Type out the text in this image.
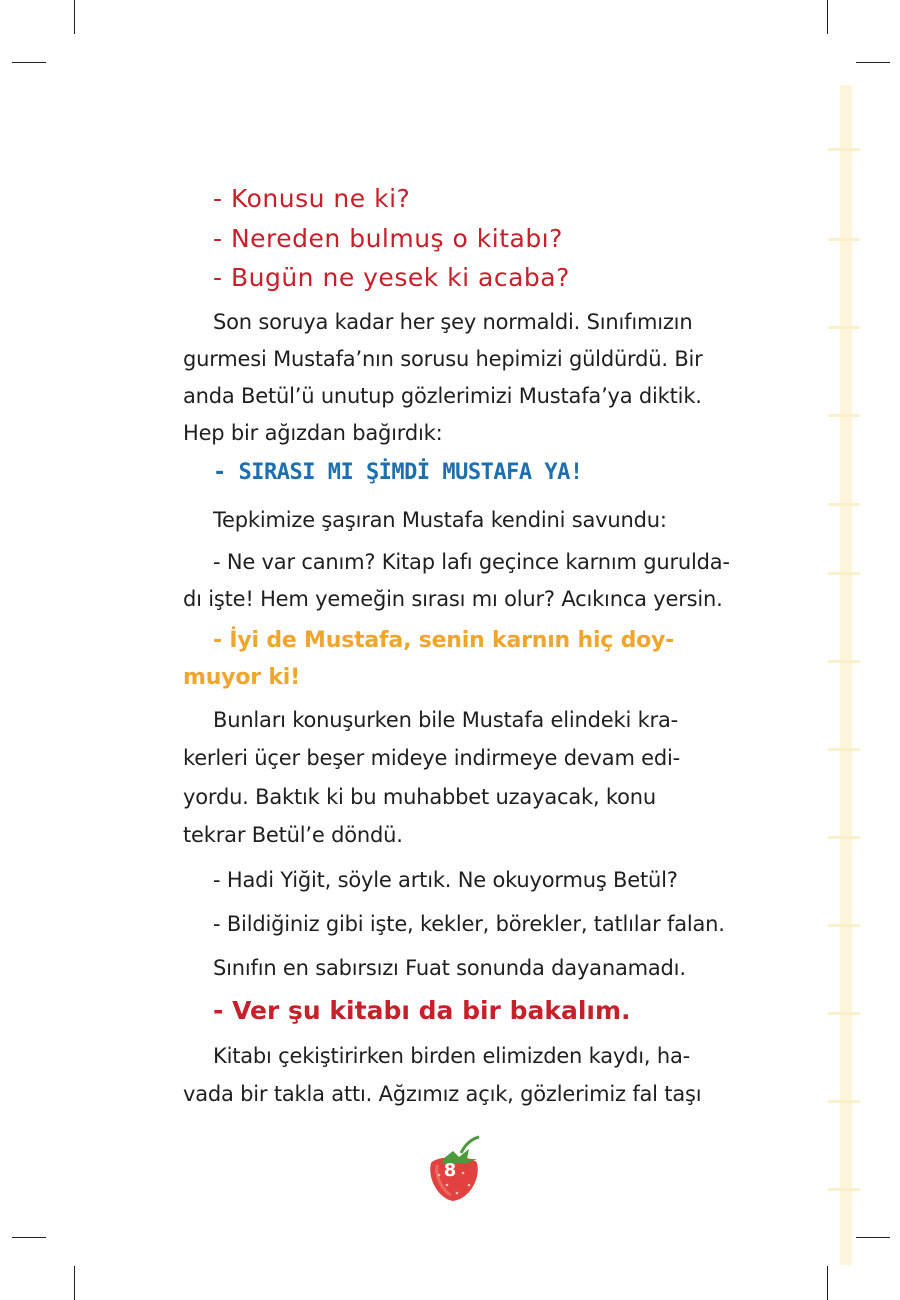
- Konusu ne ki?
- Nereden bulmuş o kitabı?
- Bugün ne yesek ki acaba?
Son soruya kadar her şey normaldi. Sınıfımızın
gurmesi Mustafa’nın sorusu hepimizi güldürdü. Bir
anda Betül’ü unutup gözlerimizi Mustafa’ya diktik.
Hep bir ağızdan bağırdık:
- SIRASI MI ŞİMDİ MUSTAFA YA!
Tepkimize şaşıran Mustafa kendini savundu:
- Ne var canım? Kitap lafı geçince karnım gurulda-
dı işte! Hem yemeğin sırası mı olur? Acıkınca yersin.
- İyi de Mustafa, senin karnın hiç doy-
muyor ki!
Bunları konuşurken bile Mustafa elindeki kra-
kerleri üçer beşer mideye indirmeye devam edi-
yordu. Baktık ki bu muhabbet uzayacak, konu
tekrar Betül’e döndü.
- Hadi Yiğit, söyle artık. Ne okuyormuş Betül?
- Bildiğiniz gibi işte, kekler, börekler, tatlılar falan.
Sınıfın en sabırsızı Fuat sonunda dayanamadı.
- Ver şu kitabı da bir bakalım.
Kitabı çekiştirirken birden elimizden kaydı, ha-
vada bir takla attı. Ağzımız açık, gözlerimiz fal taşı
8
